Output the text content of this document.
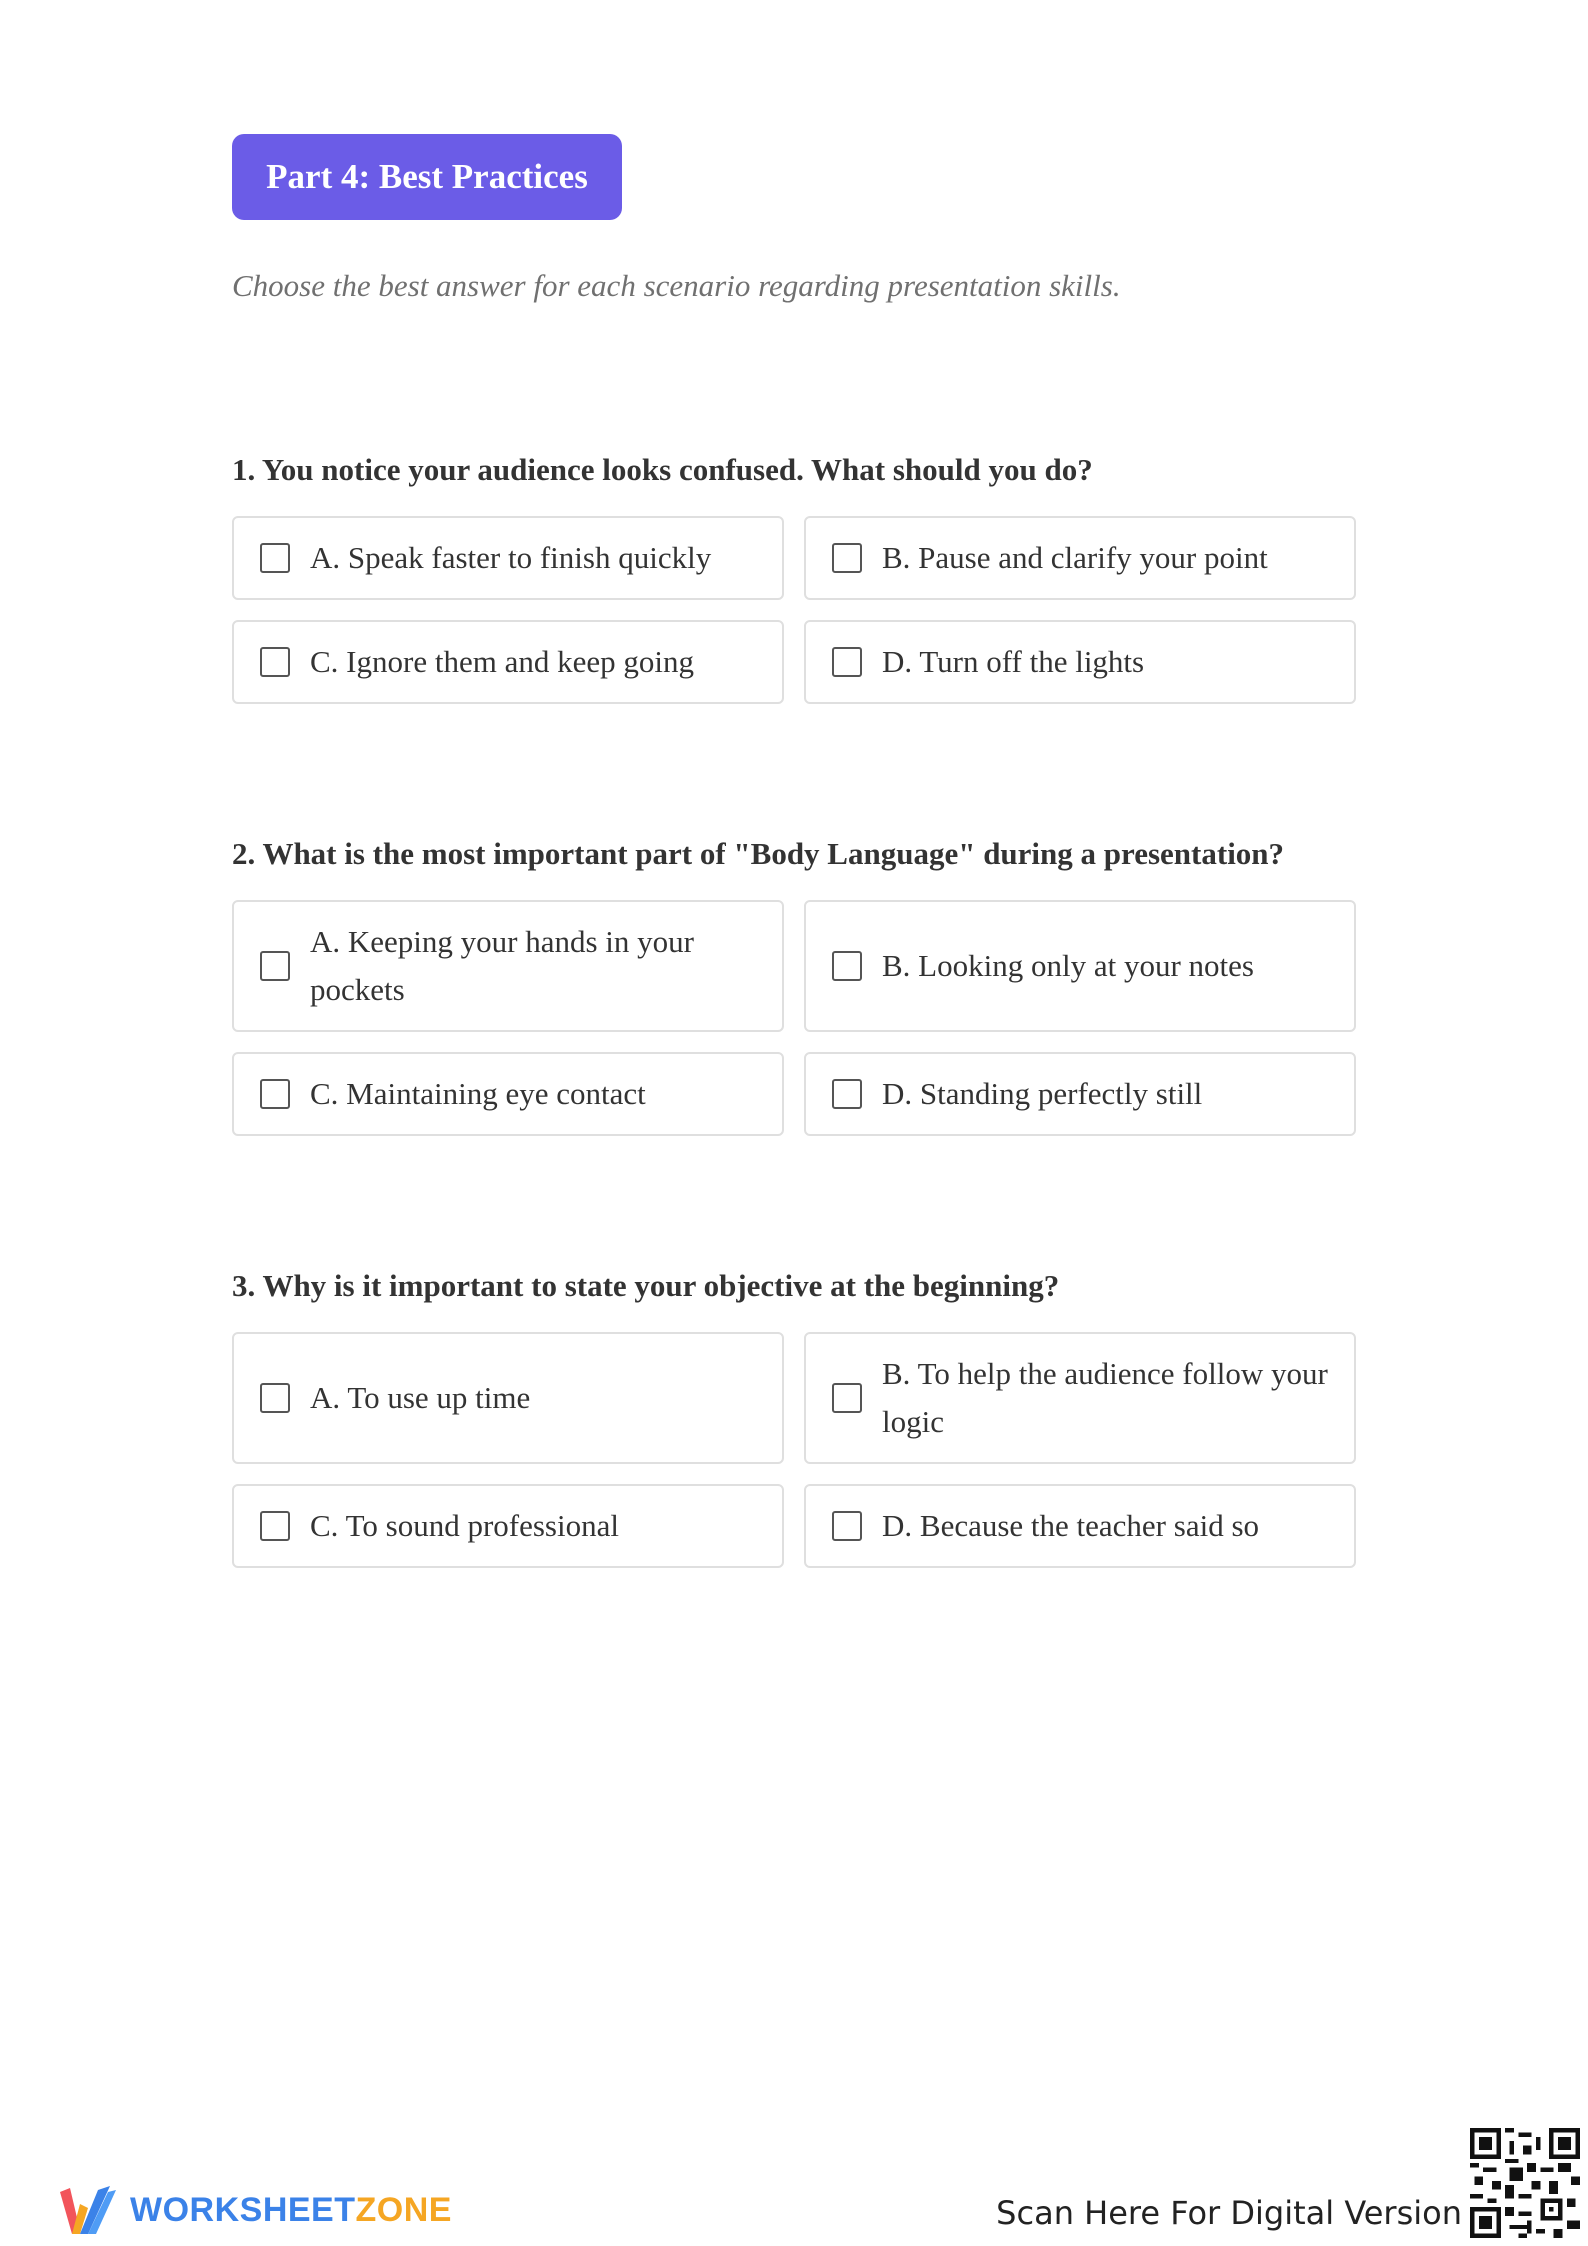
Part 4: Best Practices
Choose the best answer for each scenario regarding presentation skills.
1. You notice your audience looks confused. What should you do?
A. Speak faster to finish quickly	B. Pause and clarify your point
C. Ignore them and keep going	D. Turn off the lights
2. What is the most important part of "Body Language" during a presentation?
A. Keeping your hands in your pockets
B. Looking only at your notes
C. Maintaining eye contact	D. Standing perfectly still
3. Why is it important to state your objective at the beginning?
A. To use up time
B. To help the audience follow your logic
C. To sound professional	D. Because the teacher said so
WORKSHEETZONE	Scan Here For Digital Version
